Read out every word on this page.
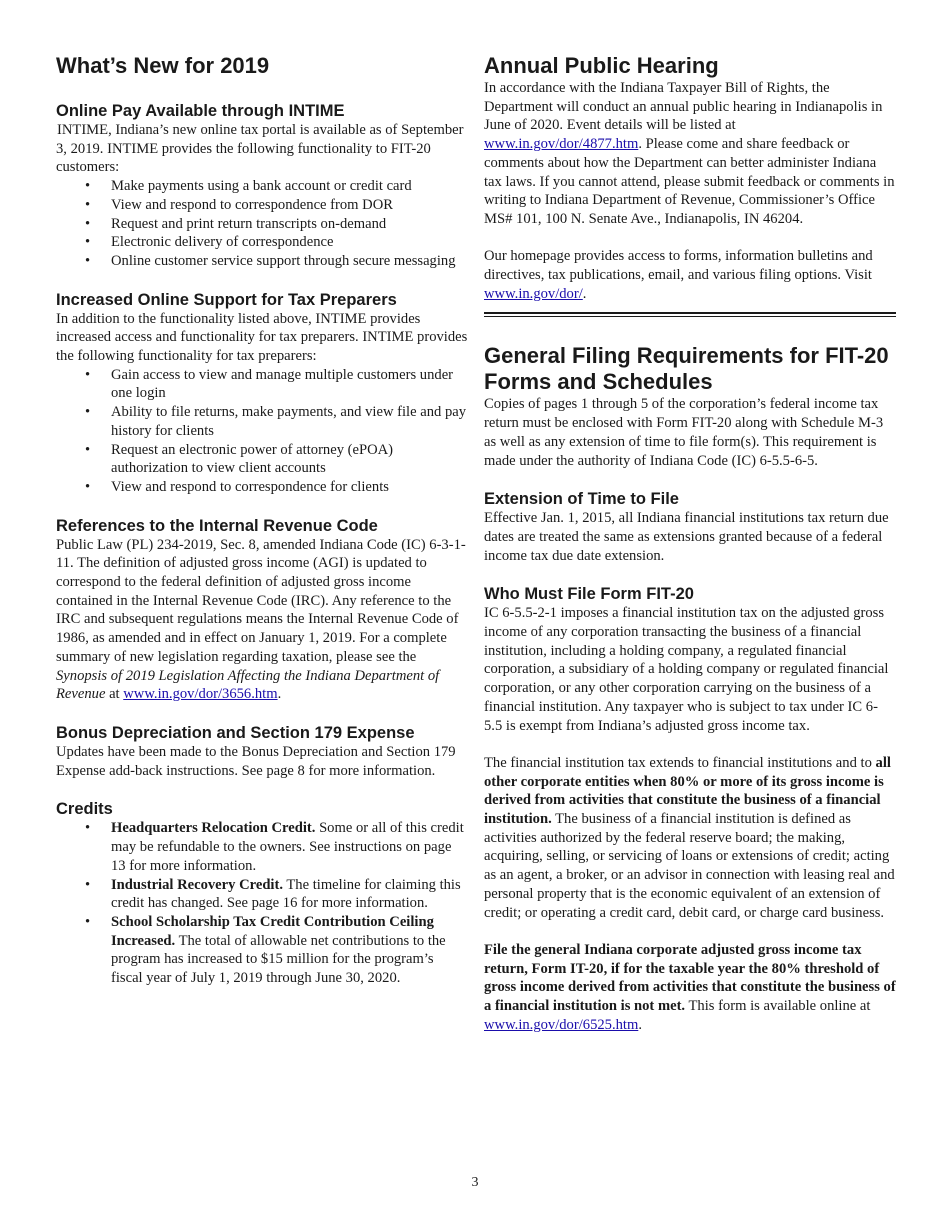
What’s New for 2019
Online Pay Available through INTIME

INTIME, Indiana’s new online tax portal is available as of September 3, 2019. INTIME provides the following functionality to FIT-20 customers:

• Make payments using a bank account or credit card
• View and respond to correspondence from DOR
• Request and print return transcripts on-demand
• Electronic delivery of correspondence
• Online customer service support through secure messaging
Increased Online Support for Tax Preparers

In addition to the functionality listed above, INTIME provides increased access and functionality for tax preparers. INTIME provides the following functionality for tax preparers:

• Gain access to view and manage multiple customers under one login
• Ability to file returns, make payments, and view file and pay history for clients
• Request an electronic power of attorney (ePOA) authorization to view client accounts
• View and respond to correspondence for clients
References to the Internal Revenue Code

Public Law (PL) 234-2019, Sec. 8, amended Indiana Code (IC) 6-3-1-11. The definition of adjusted gross income (AGI) is updated to correspond to the federal definition of adjusted gross income contained in the Internal Revenue Code (IRC). Any reference to the IRC and subsequent regulations means the Internal Revenue Code of 1986, as amended and in effect on January 1, 2019. For a complete summary of new legislation regarding taxation, please see the Synopsis of 2019 Legislation Affecting the Indiana Department of Revenue at www.in.gov/dor/3656.htm.

Bonus Depreciation and Section 179 Expense

Updates have been made to the Bonus Depreciation and Section 179 Expense add-back instructions. See page 8 for more information.

Credits
• Headquarters Relocation Credit. Some or all of this credit may be refundable to the owners. See instructions on page 13 for more information.
• Industrial Recovery Credit. The timeline for claiming this credit has changed. See page 16 for more information.
• School Scholarship Tax Credit Contribution Ceiling Increased. The total of allowable net contributions to the program has increased to $15 million for the program’s fiscal year of July 1, 2019 through June 30, 2020.
Annual Public Hearing

In accordance with the Indiana Taxpayer Bill of Rights, the Department will conduct an annual public hearing in Indianapolis in June of 2020. Event details will be listed at www.in.gov/dor/4877.htm. Please come and share feedback or comments about how the Department can better administer Indiana tax laws. If you cannot attend, please submit feedback or comments in writing to Indiana Department of Revenue, Commissioner’s Office MS# 101, 100 N. Senate Ave., Indianapolis, IN 46204.

Our homepage provides access to forms, information bulletins and directives, tax publications, email, and various filing options. Visit www.in.gov/dor/.

General Filing Requirements for FIT-20 Forms and Schedules

Copies of pages 1 through 5 of the corporation’s federal income tax return must be enclosed with Form FIT-20 along with Schedule M-3 as well as any extension of time to file form(s). This requirement is made under the authority of Indiana Code (IC) 6-5.5-6-5.

Extension of Time to File

Effective Jan. 1, 2015, all Indiana financial institutions tax return due dates are treated the same as extensions granted because of a federal income tax due date extension.

Who Must File Form FIT-20

IC 6-5.5-2-1 imposes a financial institution tax on the adjusted gross income of any corporation transacting the business of a financial institution, including a holding company, a regulated financial corporation, a subsidiary of a holding company or regulated financial corporation, or any other corporation carrying on the business of a financial institution. Any taxpayer who is subject to tax under IC 6-5.5 is exempt from Indiana’s adjusted gross income tax.

The financial institution tax extends to financial institutions and to all other corporate entities when 80% or more of its gross income is derived from activities that constitute the business of a financial institution. The business of a financial institution is defined as activities authorized by the federal reserve board; the making, acquiring, selling, or servicing of loans or extensions of credit; acting as an agent, a broker, or an advisor in connection with leasing real and personal property that is the economic equivalent of an extension of credit; or operating a credit card, debit card, or charge card business.

File the general Indiana corporate adjusted gross income tax return, Form IT-20, if for the taxable year the 80% threshold of gross income derived from activities that constitute the business of a financial institution is not met. This form is available online at www.in.gov/dor/6525.htm.

3
